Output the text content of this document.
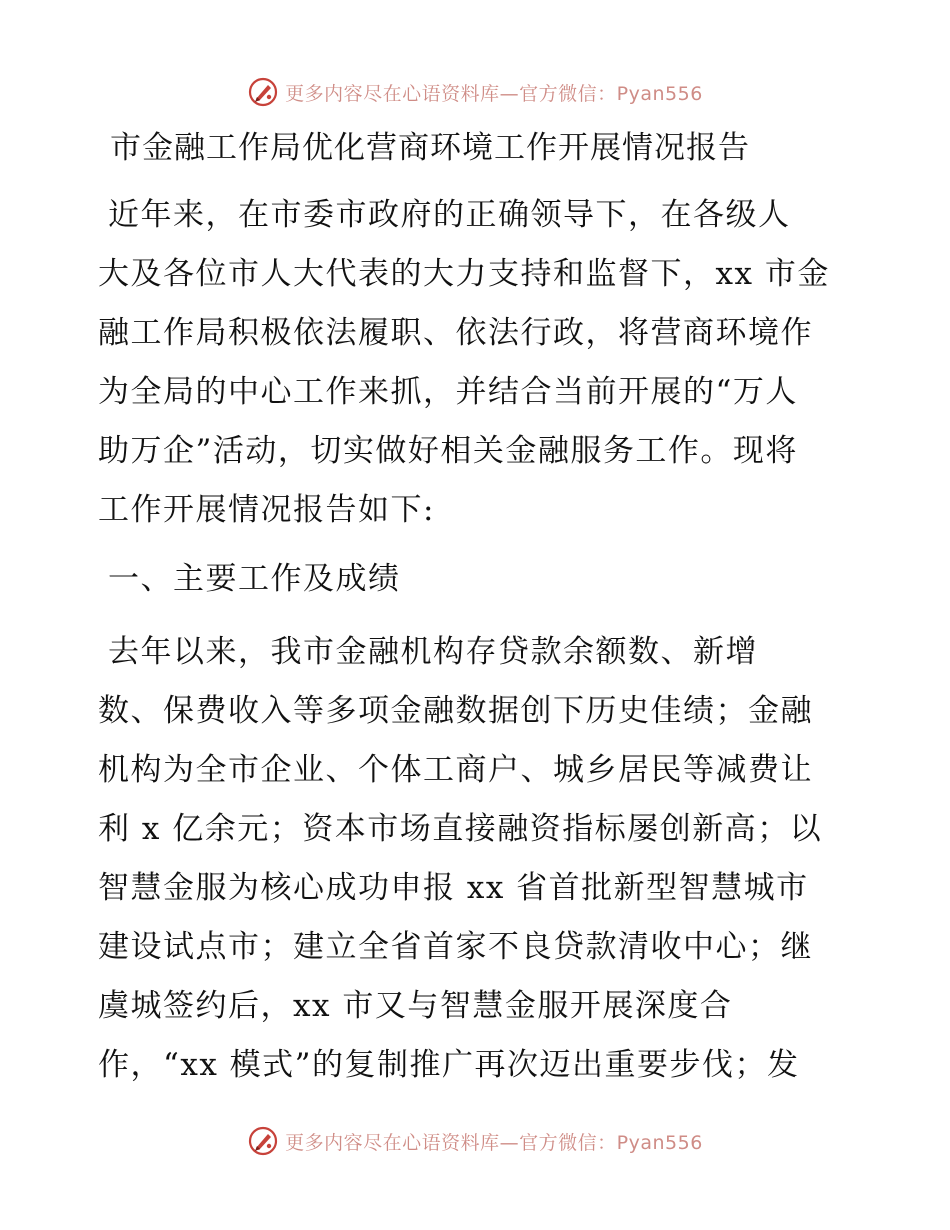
更多内容尽在心语资料库—官方微信：Pyan556
市金融工作局优化营商环境工作开展情况报告
近年来，在市委市政府的正确领导下，在各级人
大及各位市人大代表的大力支持和监督下，xx 市金
融工作局积极依法履职、依法行政，将营商环境作
为全局的中心工作来抓，并结合当前开展的“万人
助万企”活动，切实做好相关金融服务工作。现将
工作开展情况报告如下:
一、主要工作及成绩
去年以来，我市金融机构存贷款余额数、新增
数、保费收入等多项金融数据创下历史佳绩；金融
机构为全市企业、个体工商户、城乡居民等减费让
利 x 亿余元；资本市场直接融资指标屡创新高；以
智慧金服为核心成功申报 xx 省首批新型智慧城市
建设试点市；建立全省首家不良贷款清收中心；继
虞城签约后，xx 市又与智慧金服开展深度合
作，“xx 模式”的复制推广再次迈出重要步伐；发
更多内容尽在心语资料库—官方微信：Pyan556
